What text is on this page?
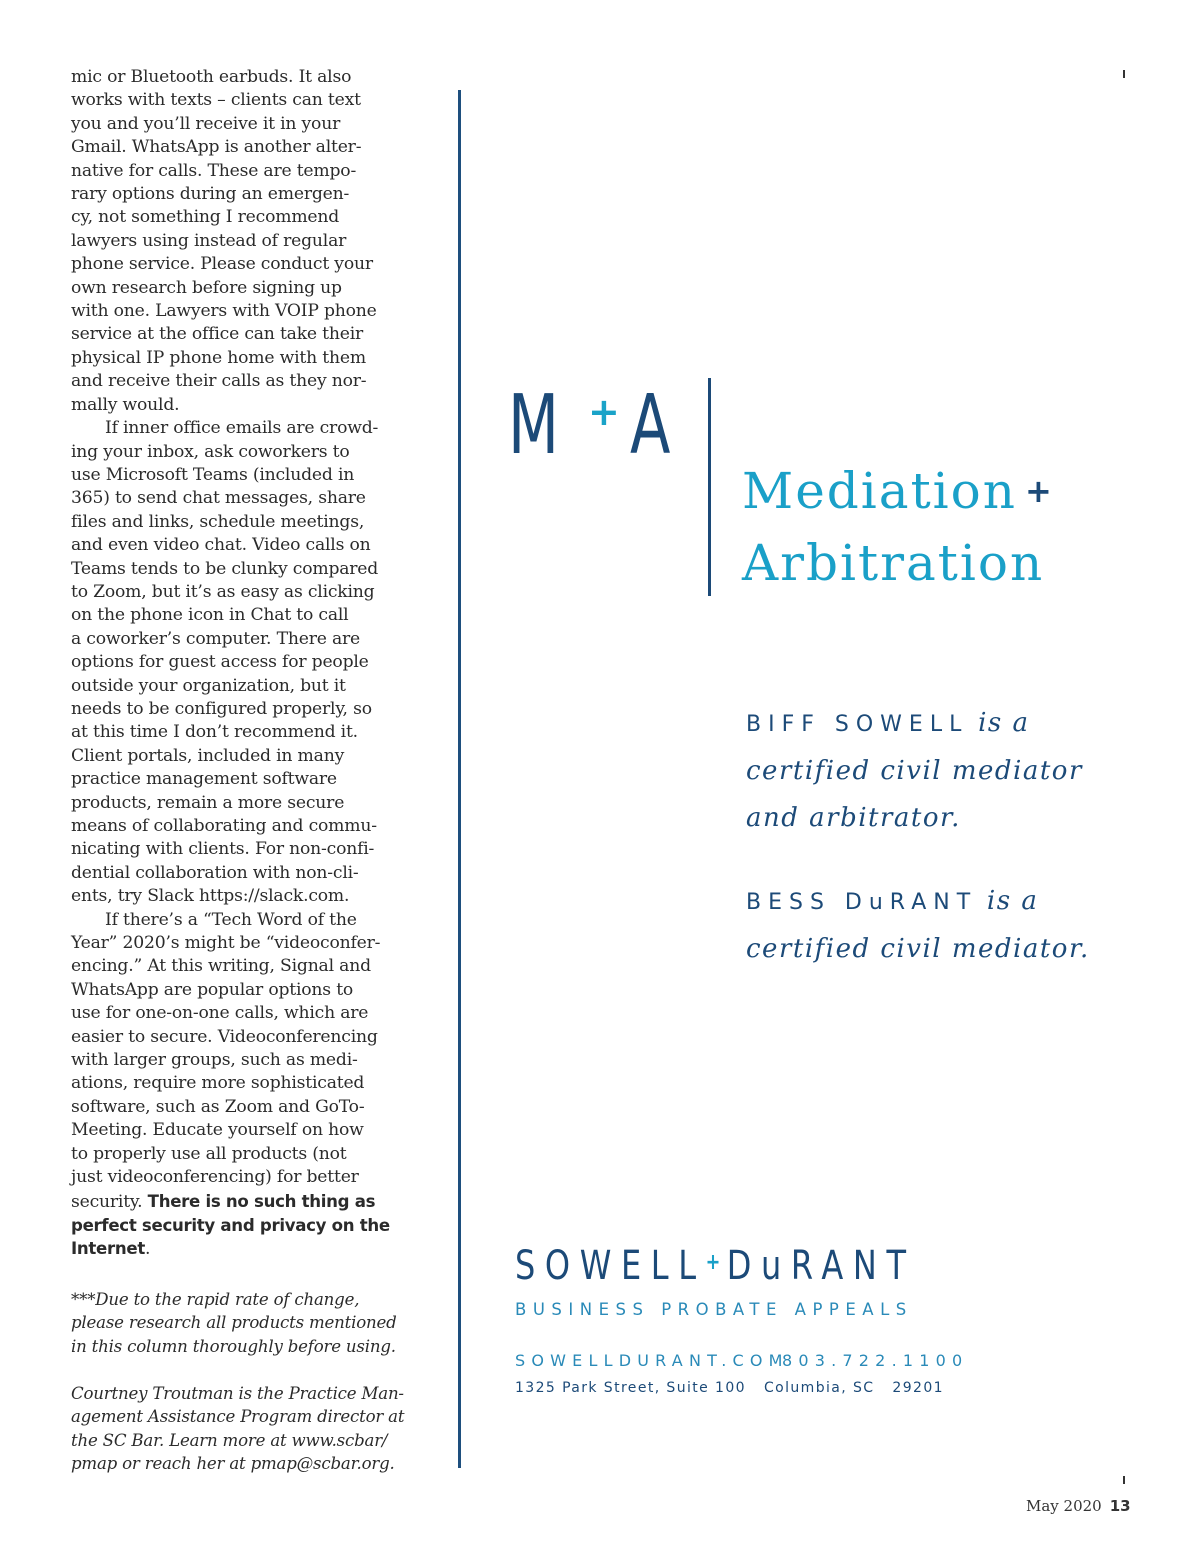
mic or Bluetooth earbuds. It also
works with texts – clients can text
you and you’ll receive it in your
Gmail. WhatsApp is another alter-
native for calls. These are tempo-
rary options during an emergen-
cy, not something I recommend
lawyers using instead of regular
phone service. Please conduct your
own research before signing up
with one. Lawyers with VOIP phone
service at the office can take their
physical IP phone home with them
and receive their calls as they nor-
mally would.

If inner office emails are crowd-
ing your inbox, ask coworkers to
use Microsoft Teams (included in
365) to send chat messages, share
files and links, schedule meetings,
and even video chat. Video calls on
Teams tends to be clunky compared
to Zoom, but it’s as easy as clicking
on the phone icon in Chat to call
a coworker’s computer. There are
options for guest access for people
outside your organization, but it
needs to be configured properly, so
at this time I don’t recommend it.
Client portals, included in many
practice management software
products, remain a more secure
means of collaborating and commu-
nicating with clients. For non-confi-
dential collaboration with non-cli-
ents, try Slack https://slack.com.

If there’s a “Tech Word of the
Year” 2020’s might be “videoconfer-
encing.” At this writing, Signal and
WhatsApp are popular options to
use for one-on-one calls, which are
easier to secure. Videoconferencing
with larger groups, such as medi-
ations, require more sophisticated
software, such as Zoom and GoTo-
Meeting. Educate yourself on how
to properly use all products (not
just videoconferencing) for better

security. There is no such thing as
perfect security and privacy on the
Internet.

***Due to the rapid rate of change,
please research all products mentioned
in this column thoroughly before using.

Courtney Troutman is the Practice Man-
agement Assistance Program director at
the SC Bar. Learn more at www.scbar/
pmap or reach her at pmap@scbar.org.

M + A
Mediation +
Arbitration
BIFF SOWELL is a
certified civil mediator
and arbitrator.
BESS DuRANT is a
certified civil mediator.
SOWELL+DuRANT
BUSINESS PROBATE APPEALS
SOWELLDURANT.COM
803.722.1100
1325 Park Street, Suite 100 Columbia, SC 29201
May 2020 13
